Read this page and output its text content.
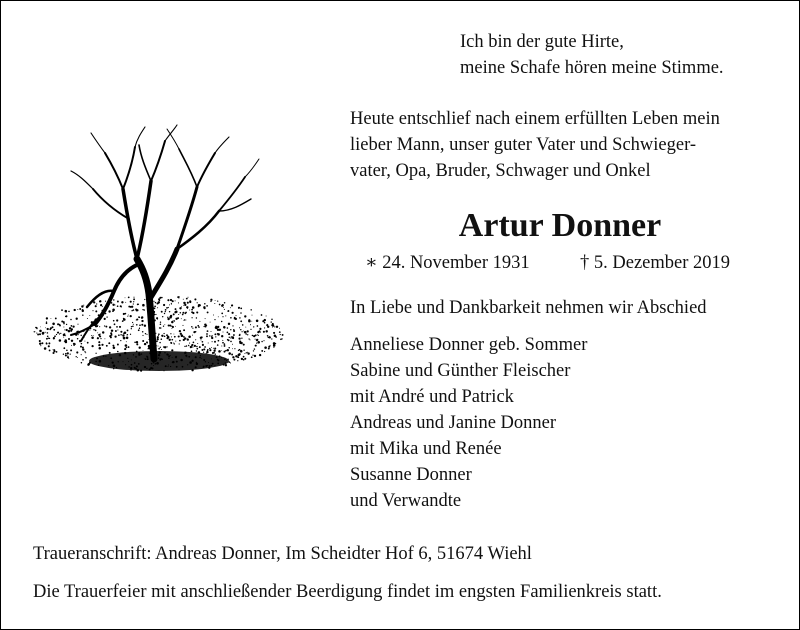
Ich bin der gute Hirte,
meine Schafe hören meine Stimme.
Heute entschlief nach einem erfüllten Leben mein
lieber Mann, unser guter Vater und Schwieger-
vater, Opa, Bruder, Schwager und Onkel
Artur Donner
∗ 24. November 1931	† 5. Dezember 2019
In Liebe und Dankbarkeit nehmen wir Abschied
Anneliese Donner geb. Sommer
Sabine und Günther Fleischer
mit André und Patrick
Andreas und Janine Donner
mit Mika und Renée
Susanne Donner
und Verwandte
Traueranschrift: Andreas Donner, Im Scheidter Hof 6, 51674 Wiehl
Die Trauerfeier mit anschließender Beerdigung findet im engsten Familienkreis statt.
